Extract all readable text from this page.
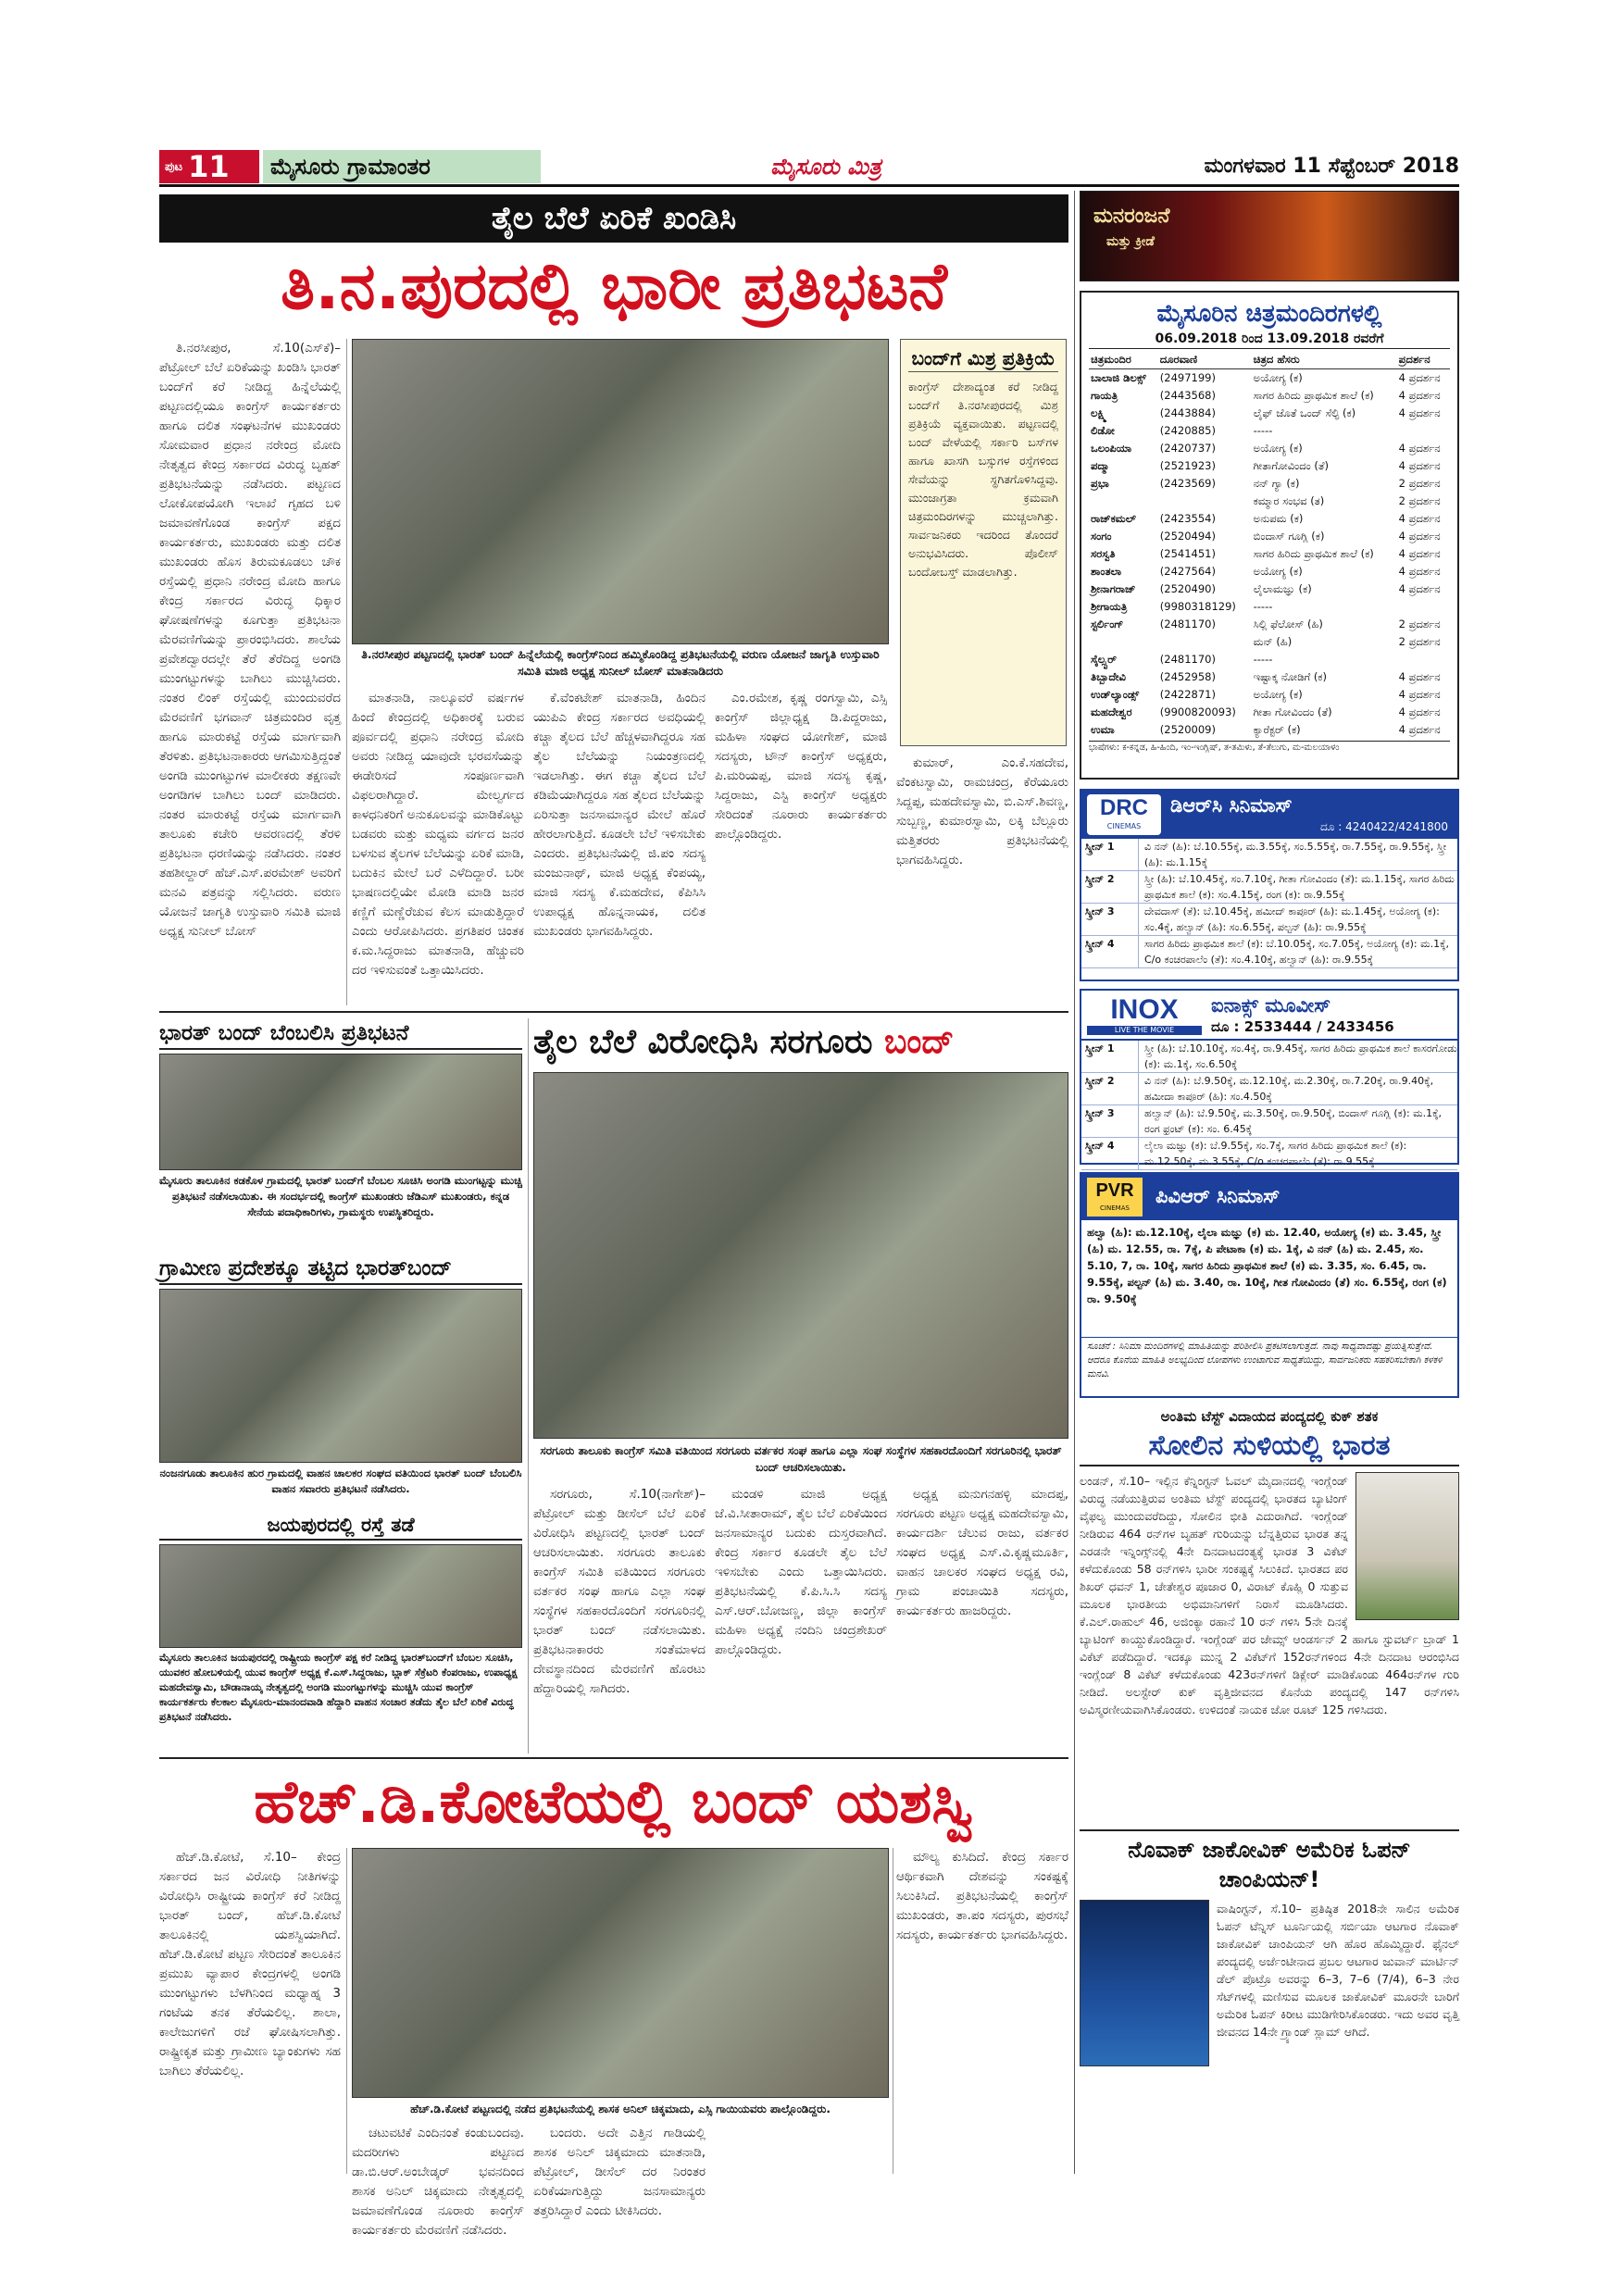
ಪುಟ 11	ಮೈಸೂರು ಗ್ರಾಮಾಂತರ	ಮೈಸೂರು ಮಿತ್ರ	ಮಂಗಳವಾರ 11 ಸೆಪ್ಟೆಂಬರ್ 2018
ತೈಲ ಬೆಲೆ ಏರಿಕೆ ಖಂಡಿಸಿ
ತಿ.ನ.ಪುರದಲ್ಲಿ ಭಾರೀ ಪ್ರತಿಭಟನೆ

ತಿ.ನರಸೀಪುರ, ಸೆ.10(ಎಸ್‌ಕೆ)– ಪೆಟ್ರೋಲ್ ಬೆಲೆ ಏರಿಕೆಯನ್ನು ಖಂಡಿಸಿ ಭಾರತ್ ಬಂದ್‌ಗೆ ಕರೆ ನೀಡಿದ್ದ ಹಿನ್ನೆಲೆಯಲ್ಲಿ ಪಟ್ಟಣದಲ್ಲಿಯೂ ಕಾಂಗ್ರೆಸ್ ಕಾರ್ಯಕರ್ತರು ಹಾಗೂ ದಲಿತ ಸಂಘಟನೆಗಳ ಮುಖಂಡರು ಸೋಮವಾರ ಪ್ರಧಾನ ನರೇಂದ್ರ ಮೋದಿ ನೇತೃತ್ವದ ಕೇಂದ್ರ ಸರ್ಕಾರದ ವಿರುದ್ಧ ಬೃಹತ್ ಪ್ರತಿಭಟನೆಯನ್ನು ನಡೆಸಿದರು. ಪಟ್ಟಣದ ಲೋಕೋಪಯೋಗಿ ಇಲಾಖೆ ಗೃಹದ ಬಳಿ ಜಮಾವಣೆಗೊಂಡ ಕಾಂಗ್ರೆಸ್ ಪಕ್ಷದ ಕಾರ್ಯಕರ್ತರು, ಮುಖಂಡರು ಮತ್ತು ದಲಿತ ಮುಖಂಡರು ಹೊಸ ತಿರುಮಕೂಡಲು ಚೌಕ ರಸ್ತೆಯಲ್ಲಿ ಪ್ರಧಾನಿ ನರೇಂದ್ರ ಮೋದಿ ಹಾಗೂ ಕೇಂದ್ರ ಸರ್ಕಾರದ ವಿರುದ್ಧ ಧಿಕ್ಕಾರ ಘೋಷಣೆಗಳನ್ನು ಕೂಗುತ್ತಾ ಪ್ರತಿಭಟನಾ ಮೆರವಣಿಗೆಯನ್ನು ಪ್ರಾರಂಭಿಸಿದರು. ಶಾಲೆಯ ಪ್ರವೇಶದ್ವಾರದಲ್ಲೇ ತೆರೆ ತೆರೆದಿದ್ದ ಅಂಗಡಿ ಮುಂಗಟ್ಟುಗಳನ್ನು ಬಾಗಿಲು ಮುಚ್ಚಿಸಿದರು. ನಂತರ ಲಿಂಕ್ ರಸ್ತೆಯಲ್ಲಿ ಮುಂದುವರೆದ ಮೆರವಣಿಗೆ ಭಗವಾನ್ ಚಿತ್ರಮಂದಿರ ವೃತ್ತ ಹಾಗೂ ಮಾರುಕಟ್ಟೆ ರಸ್ತೆಯ ಮಾರ್ಗವಾಗಿ ತೆರಳಿತು. ಪ್ರತಿಭಟನಾಕಾರರು ಆಗಮಿಸುತ್ತಿದ್ದಂತೆ ಅಂಗಡಿ ಮುಂಗಟ್ಟುಗಳ ಮಾಲೀಕರು ತಕ್ಷಣವೇ ಅಂಗಡಿಗಳ ಬಾಗಿಲು ಬಂದ್ ಮಾಡಿದರು. ನಂತರ ಮಾರುಕಟ್ಟೆ ರಸ್ತೆಯ ಮಾರ್ಗವಾಗಿ ತಾಲೂಕು ಕಚೇರಿ ಆವರಣದಲ್ಲಿ ತೆರಳಿ ಪ್ರತಿಭಟನಾ ಧರಣಿಯನ್ನು ನಡೆಸಿದರು. ನಂತರ ತಹಶೀಲ್ದಾರ್ ಹೆಚ್.ಎಸ್.ಪರಮೇಶ್ ಅವರಿಗೆ ಮನವಿ ಪತ್ರವನ್ನು ಸಲ್ಲಿಸಿದರು. ವರುಣ ಯೋಜನೆ ಜಾಗೃತಿ ಉಸ್ತುವಾರಿ ಸಮಿತಿ ಮಾಜಿ ಅಧ್ಯಕ್ಷ ಸುನೀಲ್ ಬೋಸ್

ತಿ.ನರಸೀಪುರ ಪಟ್ಟಣದಲ್ಲಿ ಭಾರತ್ ಬಂದ್ ಹಿನ್ನೆಲೆಯಲ್ಲಿ ಕಾಂಗ್ರೆಸ್‌ನಿಂದ ಹಮ್ಮಿಕೊಂಡಿದ್ದ ಪ್ರತಿಭಟನೆಯಲ್ಲಿ ವರುಣ ಯೋಜನೆ ಜಾಗೃತಿ ಉಸ್ತುವಾರಿ ಸಮಿತಿ ಮಾಜಿ ಅಧ್ಯಕ್ಷ ಸುನೀಲ್ ಬೋಸ್ ಮಾತನಾಡಿದರು
ಬಂದ್‌ಗೆ ಮಿಶ್ರ ಪ್ರತಿಕ್ರಿಯೆ
ಕಾಂಗ್ರೆಸ್ ದೇಶಾದ್ಯಂತ ಕರೆ ನೀಡಿದ್ದ ಬಂದ್‌ಗೆ ತಿ.ನರಸೀಪುರದಲ್ಲಿ ಮಿಶ್ರ ಪ್ರತಿಕ್ರಿಯೆ ವ್ಯಕ್ತವಾಯಿತು. ಪಟ್ಟಣದಲ್ಲಿ ಬಂದ್ ವೇಳೆಯಲ್ಲಿ ಸರ್ಕಾರಿ ಬಸ್‌ಗಳ ಹಾಗೂ ಖಾಸಗಿ ಬಸ್ಸುಗಳ ರಸ್ತೆಗಳಿಂದ ಸೇವೆಯನ್ನು ಸ್ಥಗಿತಗೊಳಿಸಿದ್ದವು. ಮುಂಜಾಗ್ರತಾ ಕ್ರಮವಾಗಿ ಚಿತ್ರಮಂದಿರಗಳನ್ನು ಮುಚ್ಚಲಾಗಿತ್ತು. ಸಾರ್ವಜನಿಕರು ಇದರಿಂದ ತೊಂದರೆ ಅನುಭವಿಸಿದರು. ಪೊಲೀಸ್ ಬಂದೋಬಸ್ತ್ ಮಾಡಲಾಗಿತ್ತು.

ಮಾತನಾಡಿ, ನಾಲ್ಕೂವರೆ ವರ್ಷಗಳ ಹಿಂದೆ ಕೇಂದ್ರದಲ್ಲಿ ಅಧಿಕಾರಕ್ಕೆ ಬರುವ ಪೂರ್ವದಲ್ಲಿ ಪ್ರಧಾನಿ ನರೇಂದ್ರ ಮೋದಿ ಅವರು ನೀಡಿದ್ದ ಯಾವುದೇ ಭರವಸೆಯನ್ನು ಈಡೇರಿಸದೆ ಸಂಪೂರ್ಣವಾಗಿ ವಿಫಲರಾಗಿದ್ದಾರೆ. ಮೇಲ್ವರ್ಗದ ಕಾಳಧನಿಕರಿಗೆ ಅನುಕೂಲವನ್ನು ಮಾಡಿಕೊಟ್ಟು ಬಡವರು ಮತ್ತು ಮಧ್ಯಮ ವರ್ಗದ ಜನರ ಬಳಸುವ ತೈಲಗಳ ಬೆಲೆಯನ್ನು ಏರಿಕೆ ಮಾಡಿ, ಬದುಕಿನ ಮೇಲೆ ಬರೆ ಎಳೆದಿದ್ದಾರೆ. ಬರೀ ಭಾಷಣದಲ್ಲಿಯೇ ಮೋಡಿ ಮಾಡಿ ಜನರ ಕಣ್ಣಿಗೆ ಮಣ್ಣೆರೆಚುವ ಕೆಲಸ ಮಾಡುತ್ತಿದ್ದಾರೆ ಎಂದು ಆರೋಪಿಸಿದರು. ಪ್ರಗತಿಪರ ಚಿಂತಕ ಕ.ಮ.ಸಿದ್ದರಾಜು ಮಾತನಾಡಿ, ಹೆಚ್ಚುವರಿ ದರ ಇಳಿಸುವಂತೆ ಒತ್ತಾಯಿಸಿದರು.

ಕೆ.ವೆಂಕಟೇಶ್ ಮಾತನಾಡಿ, ಹಿಂದಿನ ಯುಪಿಎ ಕೇಂದ್ರ ಸರ್ಕಾರದ ಅವಧಿಯಲ್ಲಿ ಕಚ್ಚಾ ತೈಲದ ಬೆಲೆ ಹೆಚ್ಚಳವಾಗಿದ್ದರೂ ಸಹ ತೈಲ ಬೆಲೆಯನ್ನು ನಿಯಂತ್ರಣದಲ್ಲಿ ಇಡಲಾಗಿತ್ತು. ಈಗ ಕಚ್ಚಾ ತೈಲದ ಬೆಲೆ ಕಡಿಮೆಯಾಗಿದ್ದರೂ ಸಹ ತೈಲದ ಬೆಲೆಯನ್ನು ಏರಿಸುತ್ತಾ ಜನಸಾಮಾನ್ಯರ ಮೇಲೆ ಹೊರೆ ಹೇರಲಾಗುತ್ತಿದೆ. ಕೂಡಲೇ ಬೆಲೆ ಇಳಿಸಬೇಕು ಎಂದರು. ಪ್ರತಿಭಟನೆಯಲ್ಲಿ ಜಿ.ಪಂ ಸದಸ್ಯ ಮಂಜುನಾಥ್, ಮಾಜಿ ಅಧ್ಯಕ್ಷ ಕೆಂಪಯ್ಯ, ಮಾಜಿ ಸದಸ್ಯ ಕೆ.ಮಹದೇವ, ಕೆಪಿಸಿಸಿ ಉಪಾಧ್ಯಕ್ಷ ಹೊನ್ನನಾಯಕ, ದಲಿತ ಮುಖಂಡರು ಭಾಗವಹಿಸಿದ್ದರು.

ಎಂ.ರಮೇಶ, ಕೃಷ್ಣ ರಂಗಸ್ವಾಮಿ, ಎಸ್ಸಿ ಕಾಂಗ್ರೆಸ್ ಜಿಲ್ಲಾಧ್ಯಕ್ಷ ಡಿ.ಪಿದ್ದರಾಜು, ಮಹಿಳಾ ಸಂಘದ ಯೋಗೇಶ್, ಮಾಜಿ ಸದಸ್ಯರು, ಟೌನ್ ಕಾಂಗ್ರೆಸ್ ಅಧ್ಯಕ್ಷರು, ಪಿ.ಮರಿಯಪ್ಪ, ಮಾಜಿ ಸದಸ್ಯ ಕೃಷ್ಣ, ಸಿದ್ದರಾಜು, ಎಸ್ಟಿ ಕಾಂಗ್ರೆಸ್ ಅಧ್ಯಕ್ಷರು ಸೇರಿದಂತೆ ನೂರಾರು ಕಾರ್ಯಕರ್ತರು ಪಾಲ್ಗೊಂಡಿದ್ದರು.

ಕುಮಾರ್, ಎಂ.ಕೆ.ಸಹದೇವ, ವೆಂಕಟಸ್ವಾಮಿ, ರಾಮಚಂದ್ರ, ಕೆರೆಯೂರು ಸಿದ್ದಪ್ಪ, ಮಹದೇವಸ್ವಾಮಿ, ಬಿ.ಎಸ್.ಶಿವಣ್ಣ, ಸುಬ್ಬಣ್ಣ, ಕುಮಾರಸ್ವಾಮಿ, ಲಕ್ಕಿ ಬೆಲ್ಲೂರು ಮತ್ತಿತರರು ಪ್ರತಿಭಟನೆಯಲ್ಲಿ ಭಾಗವಹಿಸಿದ್ದರು.

ಭಾರತ್ ಬಂದ್ ಬೆಂಬಲಿಸಿ ಪ್ರತಿಭಟನೆ
ಮೈಸೂರು ತಾಲೂಕಿನ ಕಡಕೊಳ ಗ್ರಾಮದಲ್ಲಿ ಭಾರತ್ ಬಂದ್‌ಗೆ ಬೆಂಬಲ ಸೂಚಿಸಿ ಅಂಗಡಿ ಮುಂಗಟ್ಟನ್ನು ಮುಚ್ಚಿ ಪ್ರತಿಭಟನೆ ನಡೆಸಲಾಯಿತು. ಈ ಸಂದರ್ಭದಲ್ಲಿ ಕಾಂಗ್ರೆಸ್ ಮುಖಂಡರು ಜೆಡಿಎಸ್ ಮುಖಂಡರು, ಕನ್ನಡ ಸೇನೆಯ ಪದಾಧಿಕಾರಿಗಳು, ಗ್ರಾಮಸ್ಥರು ಉಪಸ್ಥಿತರಿದ್ದರು.
ಗ್ರಾಮೀಣ ಪ್ರದೇಶಕ್ಕೂ ತಟ್ಟಿದ ಭಾರತ್‌ಬಂದ್
ನಂಜನಗೂಡು ತಾಲೂಕಿನ ಹುರ ಗ್ರಾಮದಲ್ಲಿ ವಾಹನ ಚಾಲಕರ ಸಂಘದ ವತಿಯಿಂದ ಭಾರತ್ ಬಂದ್ ಬೆಂಬಲಿಸಿ ವಾಹನ ಸವಾರರು ಪ್ರತಿಭಟನೆ ನಡೆಸಿದರು.
ಜಯಪುರದಲ್ಲಿ ರಸ್ತೆ ತಡೆ
ಮೈಸೂರು ತಾಲೂಕಿನ ಜಯಪುರದಲ್ಲಿ ರಾಷ್ಟ್ರೀಯ ಕಾಂಗ್ರೆಸ್ ಪಕ್ಷ ಕರೆ ನೀಡಿದ್ದ ಭಾರತ್‌ಬಂದ್‌ಗೆ ಬೆಂಬಲ ಸೂಚಿಸಿ, ಯುವಕರ ಹೋಬಳಿಯಲ್ಲಿ ಯುವ ಕಾಂಗ್ರೆಸ್ ಅಧ್ಯಕ್ಷ ಕೆ.ಎಸ್.ಸಿದ್ದರಾಜು, ಬ್ಲಾಕ್ ಸೆಕ್ರೆಟರಿ ಕೆಂಪರಾಜು, ಉಪಾಧ್ಯಕ್ಷ ಮಹದೇವಸ್ವಾಮಿ, ಬೌಡಾನಾಯ್ಕ ನೇತೃತ್ವದಲ್ಲಿ ಅಂಗಡಿ ಮುಂಗಟ್ಟುಗಳನ್ನು ಮುಚ್ಚಿಸಿ ಯುವ ಕಾಂಗ್ರೆಸ್ ಕಾರ್ಯಕರ್ತರು ಕೆಲಕಾಲ ಮೈಸೂರು-ಮಾನಂದವಾಡಿ ಹೆದ್ದಾರಿ ವಾಹನ ಸಂಚಾರ ತಡೆದು ತೈಲ ಬೆಲೆ ಏರಿಕೆ ವಿರುದ್ಧ ಪ್ರತಿಭಟನೆ ನಡೆಸಿದರು.
ತೈಲ ಬೆಲೆ ವಿರೋಧಿಸಿ ಸರಗೂರು ಬಂದ್
ಸರಗೂರು ತಾಲೂಕು ಕಾಂಗ್ರೆಸ್ ಸಮಿತಿ ವತಿಯಿಂದ ಸರಗೂರು ವರ್ತಕರ ಸಂಘ ಹಾಗೂ ಎಲ್ಲಾ ಸಂಘ ಸಂಸ್ಥೆಗಳ ಸಹಕಾರದೊಂದಿಗೆ ಸರಗೂರಿನಲ್ಲಿ ಭಾರತ್ ಬಂದ್ ಆಚರಿಸಲಾಯಿತು.

ಸರಗೂರು, ಸೆ.10(ನಾಗೇಶ್)– ಪೆಟ್ರೋಲ್ ಮತ್ತು ಡೀಸೆಲ್ ಬೆಲೆ ಏರಿಕೆ ವಿರೋಧಿಸಿ ಪಟ್ಟಣದಲ್ಲಿ ಭಾರತ್ ಬಂದ್ ಆಚರಿಸಲಾಯಿತು. ಸರಗೂರು ತಾಲೂಕು ಕಾಂಗ್ರೆಸ್ ಸಮಿತಿ ವತಿಯಿಂದ ಸರಗೂರು ವರ್ತಕರ ಸಂಘ ಹಾಗೂ ಎಲ್ಲಾ ಸಂಘ ಸಂಸ್ಥೆಗಳ ಸಹಕಾರದೊಂದಿಗೆ ಸರಗೂರಿನಲ್ಲಿ ಭಾರತ್ ಬಂದ್ ನಡೆಸಲಾಯಿತು. ಪ್ರತಿಭಟನಾಕಾರರು ಸಂತೆಮಾಳದ ದೇವಸ್ಥಾನದಿಂದ ಮೆರವಣಿಗೆ ಹೊರಟು ಹೆದ್ದಾರಿಯಲ್ಲಿ ಸಾಗಿದರು.

ಮಂಡಳಿ ಮಾಜಿ ಅಧ್ಯಕ್ಷ ಜೆ.ವಿ.ಸೀತಾರಾಮ್, ತೈಲ ಬೆಲೆ ಏರಿಕೆಯಿಂದ ಜನಸಾಮಾನ್ಯರ ಬದುಕು ದುಸ್ತರವಾಗಿದೆ. ಕೇಂದ್ರ ಸರ್ಕಾರ ಕೂಡಲೇ ತೈಲ ಬೆಲೆ ಇಳಿಸಬೇಕು ಎಂದು ಒತ್ತಾಯಿಸಿದರು. ಪ್ರತಿಭಟನೆಯಲ್ಲಿ ಕೆ.ಪಿ.ಸಿ.ಸಿ ಸದಸ್ಯ ಎಸ್.ಆರ್.ಬೋಜಣ್ಣ, ಜಿಲ್ಲಾ ಕಾಂಗ್ರೆಸ್ ಮಹಿಳಾ ಅಧ್ಯಕ್ಷೆ ನಂದಿನಿ ಚಂದ್ರಶೇಖರ್ ಪಾಲ್ಗೊಂಡಿದ್ದರು.

ಅಧ್ಯಕ್ಷ ಮನುಗನಹಳ್ಳಿ ಮಾದಪ್ಪ, ಸರಗೂರು ಪಟ್ಟಣ ಅಧ್ಯಕ್ಷ ಮಹದೇವಸ್ವಾಮಿ, ಕಾರ್ಯದರ್ಶಿ ಚೆಲುವ ರಾಜು, ವರ್ತಕರ ಸಂಘದ ಅಧ್ಯಕ್ಷ ಎಸ್.ವಿ.ಕೃಷ್ಣಮೂರ್ತಿ, ವಾಹನ ಚಾಲಕರ ಸಂಘದ ಅಧ್ಯಕ್ಷ ರವಿ, ಗ್ರಾಮ ಪಂಚಾಯಿತಿ ಸದಸ್ಯರು, ಕಾರ್ಯಕರ್ತರು ಹಾಜರಿದ್ದರು.

ಹೆಚ್.ಡಿ.ಕೋಟೆಯಲ್ಲಿ ಬಂದ್ ಯಶಸ್ವಿ

ಹೆಚ್.ಡಿ.ಕೋಟೆ, ಸೆ.10– ಕೇಂದ್ರ ಸರ್ಕಾರದ ಜನ ವಿರೋಧಿ ನೀತಿಗಳನ್ನು ವಿರೋಧಿಸಿ ರಾಷ್ಟ್ರೀಯ ಕಾಂಗ್ರೆಸ್ ಕರೆ ನೀಡಿದ್ದ ಭಾರತ್ ಬಂದ್, ಹೆಚ್.ಡಿ.ಕೋಟೆ ತಾಲೂಕಿನಲ್ಲಿ ಯಶಸ್ವಿಯಾಗಿದೆ. ಹೆಚ್.ಡಿ.ಕೋಟೆ ಪಟ್ಟಣ ಸೇರಿದಂತೆ ತಾಲೂಕಿನ ಪ್ರಮುಖ ವ್ಯಾಪಾರ ಕೇಂದ್ರಗಳಲ್ಲಿ ಅಂಗಡಿ ಮುಂಗಟ್ಟುಗಳು ಬೆಳಗಿನಿಂದ ಮಧ್ಯಾಹ್ನ 3 ಗಂಟೆಯ ತನಕ ತೆರೆಯಲಿಲ್ಲ. ಶಾಲಾ, ಕಾಲೇಜುಗಳಿಗೆ ರಜೆ ಘೋಷಿಸಲಾಗಿತ್ತು. ರಾಷ್ಟ್ರೀಕೃತ ಮತ್ತು ಗ್ರಾಮೀಣ ಬ್ಯಾಂಕುಗಳು ಸಹ ಬಾಗಿಲು ತೆರೆಯಲಿಲ್ಲ.

ಹೆಚ್.ಡಿ.ಕೋಟೆ ಪಟ್ಟಣದಲ್ಲಿ ನಡೆದ ಪ್ರತಿಭಟನೆಯಲ್ಲಿ ಶಾಸಕ ಅನಿಲ್ ಚಿಕ್ಕಮಾದು, ಎಸ್ಸಿ ಗಾಯಿಯವರು ಪಾಲ್ಗೊಂಡಿದ್ದರು.

ಚಟುವಟಿಕೆ ಎಂದಿನಂತೆ ಕಂಡುಬಂದವು. ಮದರೀಗಳು ಪಟ್ಟಣದ ಡಾ.ಬಿ.ಆರ್.ಅಂಬೇಡ್ಕರ್ ಭವನದಿಂದ ಶಾಸಕ ಅನಿಲ್ ಚಿಕ್ಕಮಾದು ನೇತೃತ್ವದಲ್ಲಿ ಜಮಾವಣೆಗೊಂಡ ನೂರಾರು ಕಾಂಗ್ರೆಸ್ ಕಾರ್ಯಕರ್ತರು ಮೆರವಣಿಗೆ ನಡೆಸಿದರು.

ಬಂದರು. ಅದೇ ಎತ್ತಿನ ಗಾಡಿಯಲ್ಲಿ ಶಾಸಕ ಅನಿಲ್ ಚಿಕ್ಕಮಾದು ಮಾತನಾಡಿ, ಪೆಟ್ರೋಲ್, ಡೀಸೆಲ್ ದರ ನಿರಂತರ ಏರಿಕೆಯಾಗುತ್ತಿದ್ದು ಜನಸಾಮಾನ್ಯರು ತತ್ತರಿಸಿದ್ದಾರೆ ಎಂದು ಟೀಕಿಸಿದರು.

ಮೌಲ್ಯ ಕುಸಿದಿದೆ. ಕೇಂದ್ರ ಸರ್ಕಾರ ಆರ್ಥಿಕವಾಗಿ ದೇಶವನ್ನು ಸಂಕಷ್ಟಕ್ಕೆ ಸಿಲುಕಿಸಿದೆ. ಪ್ರತಿಭಟನೆಯಲ್ಲಿ ಕಾಂಗ್ರೆಸ್ ಮುಖಂಡರು, ತಾ.ಪಂ ಸದಸ್ಯರು, ಪುರಸಭೆ ಸದಸ್ಯರು, ಕಾರ್ಯಕರ್ತರು ಭಾಗವಹಿಸಿದ್ದರು.

ಮನರಂಜನೆ
ಮತ್ತು ಕ್ರೀಡೆ
ಮೈಸೂರಿನ ಚಿತ್ರಮಂದಿರಗಳಲ್ಲಿ
06.09.2018 ರಿಂದ 13.09.2018 ರವರೆಗೆ
ಚಿತ್ರಮಂದಿರ	ದೂರವಾಣಿ	ಚಿತ್ರದ ಹೆಸರು	ಪ್ರದರ್ಶನ
ಬಾಲಾಜಿ ಡಿಲಕ್ಸ್	(2497199)	ಅಯೋಗ್ಯ (ಕ)	4 ಪ್ರದರ್ಶನ
ಗಾಯತ್ರಿ	(2443568)	ಸಾಗರ ಹಿರಿದು ಪ್ರಾಥಮಿಕ ಶಾಲೆ (ಕ)	4 ಪ್ರದರ್ಶನ
ಲಕ್ಷ್ಮಿ	(2443884)	ಲೈಫ್ ಜೊತೆ ಒಂದ್ ಸೆಲ್ಫಿ (ಕ)	4 ಪ್ರದರ್ಶನ
ಲಿಡೋ	(2420885)	-----	
ಒಲಂಪಿಯಾ	(2420737)	ಅಯೋಗ್ಯ (ಕ)	4 ಪ್ರದರ್ಶನ
ಪದ್ಮಾ	(2521923)	ಗೀತಾಗೋವಿಂದಂ (ತೆ)	4 ಪ್ರದರ್ಶನ
ಪ್ರಭಾ	(2423569)	ನನ್ ಗ್ಯಾ (ಕ)	2 ಪ್ರದರ್ಶನ
		ಕಮ್ಮಾರ ಸಂಭವ (ತ)	2 ಪ್ರದರ್ಶನ
ರಾಜ್‌ಕಮಲ್	(2423554)	ಅನುಪಮ (ಕ)	4 ಪ್ರದರ್ಶನ
ಸಂಗಂ	(2520494)	ಬಿಂದಾಸ್ ಗೂಗ್ಲಿ (ಕ)	4 ಪ್ರದರ್ಶನ
ಸರಸ್ವತಿ	(2541451)	ಸಾಗರ ಹಿರಿದು ಪ್ರಾಥಮಿಕ ಶಾಲೆ (ಕ)	4 ಪ್ರದರ್ಶನ
ಶಾಂತಲಾ	(2427564)	ಅಯೋಗ್ಯ (ಕ)	4 ಪ್ರದರ್ಶನ
ಶ್ರೀನಾಗರಾಜ್	(2520490)	ಲೈಲಾಮಜ್ಞು (ಕ)	4 ಪ್ರದರ್ಶನ
ಶ್ರೀಗಾಯತ್ರಿ	(9980318129)	-----	
ಸ್ಟರ್ಲಿಂಗ್	(2481170)	ಸಿಲ್ಲಿ ಫೆಲೋಸ್ (ಹಿ)	2 ಪ್ರದರ್ಶನ
		ಮನ್ (ಹಿ)	2 ಪ್ರದರ್ಶನ
ಸೈಲ್ಸ್ಟರ್	(2481170)	-----	
ತಿಬ್ಬಾದೇವಿ	(2452958)	ಇಷ್ಟಾಕ್ಕ ನೋಡಿಗೆ (ಕ)	4 ಪ್ರದರ್ಶನ
ಉಡ್‌ಲ್ಯಾಂಡ್ಸ್	(2422871)	ಅಯೋಗ್ಯ (ಕ)	4 ಪ್ರದರ್ಶನ
ಮಹದೇಶ್ವರ	(9900820093)	ಗೀತಾ ಗೋವಿಂದಂ (ತೆ)	4 ಪ್ರದರ್ಶನ
ಉಮಾ	(2520009)	ಕ್ಯಾರೆಕ್ಟರ್ (ಕ)	4 ಪ್ರದರ್ಶನ
ಭಾಷೆಗಳು: ಕ-ಕನ್ನಡ, ಹಿ-ಹಿಂದಿ, ಇಂ-ಇಂಗ್ಲಿಷ್, ತ-ತಮಿಳು, ತೆ-ತೆಲುಗು, ಮ-ಮಲಯಾಳಂ
DRC
CINEMAS
ಡಿಆರ್‌ಸಿ ಸಿನಿಮಾಸ್
ದೂ : 4240422/4241800
ಸ್ಕ್ರೀನ್ 1	ವಿ ನನ್ (ಹಿ): ಬೆ.10.55ಕ್ಕೆ, ಮ.3.55ಕ್ಕೆ, ಸಂ.5.55ಕ್ಕೆ, ರಾ.7.55ಕ್ಕೆ, ರಾ.9.55ಕ್ಕೆ, ಸ್ತ್ರೀ (ಹಿ): ಮ.1.15ಕ್ಕೆ
ಸ್ಕ್ರೀನ್ 2	ಸ್ತ್ರೀ (ಹಿ): ಬೆ.10.45ಕ್ಕೆ, ಸಂ.7.10ಕ್ಕೆ, ಗೀತಾ ಗೋವಿಂದಂ (ತೆ): ಮ.1.15ಕ್ಕೆ, ಸಾಗರ ಹಿರಿದು ಪ್ರಾಥಮಿಕ ಶಾಲೆ (ಕ): ಸಂ.4.15ಕ್ಕೆ, ರಂಗ (ಕ): ರಾ.9.55ಕ್ಕೆ
ಸ್ಕ್ರೀನ್ 3	ದೇವದಾಸ್ (ತೆ): ಬೆ.10.45ಕ್ಕೆ, ಹಮೀದ್ ಕಾಪೂರ್ (ಹಿ): ಮ.1.45ಕ್ಕೆ, ಅಯೋಗ್ಯ (ಕ): ಸಂ.4ಕ್ಕೆ, ಹಲ್ವಾನ್ (ಹಿ): ಸಂ.6.55ಕ್ಕೆ, ಪಲ್ಟನ್ (ಹಿ): ರಾ.9.55ಕ್ಕೆ
ಸ್ಕ್ರೀನ್ 4	ಸಾಗರ ಹಿರಿದು ಪ್ರಾಥಮಿಕ ಶಾಲೆ (ಕ): ಬೆ.10.05ಕ್ಕೆ, ಸಂ.7.05ಕ್ಕೆ, ಅಯೋಗ್ಯ (ಕ): ಮ.1ಕ್ಕೆ, C/o ಕಂಚರಪಾಲೆಂ (ತೆ): ಸಂ.4.10ಕ್ಕೆ, ಹಲ್ವಾನ್ (ಹಿ): ರಾ.9.55ಕ್ಕೆ
INOX
LIVE THE MOVIE
ಐನಾಕ್ಸ್ ಮೂವೀಸ್
ದೂ : 2533444 / 2433456
ಸ್ಕ್ರೀನ್ 1	ಸ್ತ್ರೀ (ಹಿ): ಬೆ.10.10ಕ್ಕೆ, ಸಂ.4ಕ್ಕೆ, ರಾ.9.45ಕ್ಕೆ, ಸಾಗರ ಹಿರಿದು ಪ್ರಾಥಮಿಕ ಶಾಲೆ ಕಾಸರಗೋಡು (ಕ): ಮ.1ಕ್ಕೆ, ಸಂ.6.50ಕ್ಕೆ
ಸ್ಕ್ರೀನ್ 2	ವಿ ನನ್ (ಹಿ): ಬೆ.9.50ಕ್ಕೆ, ಮ.12.10ಕ್ಕೆ, ಮ.2.30ಕ್ಕೆ, ರಾ.7.20ಕ್ಕೆ, ರಾ.9.40ಕ್ಕೆ, ಹಮೀದಾ ಕಾಪೂರ್ (ಹಿ): ಸಂ.4.50ಕ್ಕೆ
ಸ್ಕ್ರೀನ್ 3	ಹಲ್ವಾನ್ (ಹಿ): ಬೆ.9.50ಕ್ಕೆ, ಮ.3.50ಕ್ಕೆ, ರಾ.9.50ಕ್ಕೆ, ಬಿಂದಾಸ್ ಗೂಗ್ಲಿ (ಕ): ಮ.1ಕ್ಕೆ, ರಂಗ ಫ್ರಂಟ್ (ಕ): ಸಂ. 6.45ಕ್ಕೆ
ಸ್ಕ್ರೀನ್ 4	ಲೈಲಾ ಮಜ್ಞು (ಕ): ಬೆ.9.55ಕ್ಕೆ, ಸಂ.7ಕ್ಕೆ, ಸಾಗರ ಹಿರಿದು ಪ್ರಾಥಮಿಕ ಶಾಲೆ (ಕ): ಮ.12.50ಕ್ಕೆ, ಮ.3.55ಕ್ಕೆ, C/o ಕಂಚರಪಾಲೆಂ (ತೆ): ರಾ.9.55ಕ್ಕೆ
PVR
CINEMAS
ಪಿವಿಆರ್ ಸಿನಿಮಾಸ್
ಹಲ್ವಾ (ಹಿ): ಮ.12.10ಕ್ಕೆ, ಲೈಲಾ ಮಜ್ಞು (ಕ) ಮ. 12.40, ಅಯೋಗ್ಯ (ಕ) ಮ. 3.45, ಸ್ತ್ರೀ (ಹಿ) ಮ. 12.55, ರಾ. 7ಕ್ಕೆ, ಪಿ ಪೇಟಾಕಾ (ಕ) ಮ. 1ಕ್ಕೆ, ವಿ ನನ್ (ಹಿ) ಮ. 2.45, ಸಂ. 5.10, 7, ರಾ. 10ಕ್ಕೆ, ಸಾಗರ ಹಿರಿದು ಪ್ರಾಥಮಿಕ ಶಾಲೆ (ಕ) ಮ. 3.35, ಸಂ. 6.45, ರಾ. 9.55ಕ್ಕೆ, ಪಲ್ಟನ್ (ಹಿ) ಮ. 3.40, ರಾ. 10ಕ್ಕೆ, ಗೀತ ಗೋವಿಂದಂ (ತೆ) ಸಂ. 6.55ಕ್ಕೆ, ರಂಗ (ಕ) ರಾ. 9.50ಕ್ಕೆ
ಸೂಚನೆ : ಸಿನಿಮಾ ಮಂದಿರಗಳಲ್ಲಿ ಮಾಹಿತಿಯನ್ನು ಪರಿಶೀಲಿಸಿ ಪ್ರಕಟಿಸಲಾಗುತ್ತದೆ. ನಾವು ಸಾಧ್ಯವಾದಷ್ಟು ಪ್ರಯತ್ನಿಸುತ್ತೇವೆ. ಆದರೂ ಕೊನೆಯ ಮಾಹಿತಿ ಅಲಭ್ಯದಿಂದ ಲೋಪಗಳು ಉಂಟಾಗುವ ಸಾಧ್ಯತೆಯಿದ್ದು, ಸಾರ್ವಜನಿಕರು ಸಹಕರಿಸಬೇಕಾಗಿ ಕಳಕಳಿ ಮನವಿ.
ಅಂತಿಮ ಟೆಸ್ಟ್ ವಿದಾಯದ ಪಂದ್ಯದಲ್ಲಿ ಕುಕ್ ಶತಕ
ಸೋಲಿನ ಸುಳಿಯಲ್ಲಿ ಭಾರತ
ಲಂಡನ್, ಸೆ.10– ಇಲ್ಲಿನ ಕೆನ್ನಿಂಗ್ಟನ್ ಓವಲ್ ಮೈದಾನದಲ್ಲಿ ಇಂಗ್ಲೆಂಡ್ ವಿರುದ್ಧ ನಡೆಯುತ್ತಿರುವ ಅಂತಿಮ ಟೆಸ್ಟ್ ಪಂದ್ಯದಲ್ಲಿ ಭಾರತದ ಬ್ಯಾಟಿಂಗ್ ವೈಫಲ್ಯ ಮುಂದುವರೆದಿದ್ದು, ಸೋಲಿನ ಭೀತಿ ಎದುರಾಗಿದೆ. ಇಂಗ್ಲೆಂಡ್ ನೀಡಿರುವ 464 ರನ್‌ಗಳ ಬೃಹತ್ ಗುರಿಯನ್ನು ಬೆನ್ನತ್ತಿರುವ ಭಾರತ ತನ್ನ ಎರಡನೇ ಇನ್ನಿಂಗ್ಸ್‌ನಲ್ಲಿ 4ನೇ ದಿನದಾಟದಂತ್ಯಕ್ಕೆ ಭಾರತ 3 ವಿಕೆಟ್ ಕಳೆದುಕೊಂಡು 58 ರನ್‌ಗಳಿಸಿ ಭಾರೀ ಸಂಕಷ್ಟಕ್ಕೆ ಸಿಲುಕಿದೆ. ಭಾರತದ ಪರ ಶಿಖರ್ ಧವನ್ 1, ಚೇತೇಶ್ವರ ಪೂಜಾರ 0, ವಿರಾಟ್ ಕೊಹ್ಲಿ 0 ಸುತ್ತುವ ಮೂಲಕ ಭಾರತೀಯ ಅಭಿಮಾನಿಗಳಿಗೆ ನಿರಾಸೆ ಮೂಡಿಸಿದರು. ಕೆ.ಎಲ್.ರಾಹುಲ್ 46, ಅಜಿಂಕ್ಯಾ ರಹಾನೆ 10 ರನ್ ಗಳಿಸಿ 5ನೇ ದಿನಕ್ಕೆ ಬ್ಯಾಟಿಂಗ್ ಕಾಯ್ದುಕೊಂಡಿದ್ದಾರೆ. ಇಂಗ್ಲೆಂಡ್ ಪರ ಜೇಮ್ಸ್ ಆಂಡರ್ಸನ್ 2 ಹಾಗೂ ಸ್ಟುವರ್ಟ್ ಬ್ರಾಡ್ 1 ವಿಕೆಟ್ ಪಡೆದಿದ್ದಾರೆ. ಇದಕ್ಕೂ ಮುನ್ನ 2 ವಿಕೆಟ್‌ಗೆ 152ರನ್‌ಗಳಿಂದ 4ನೇ ದಿನದಾಟ ಆರಂಭಿಸಿದ ಇಂಗ್ಲೆಂಡ್ 8 ವಿಕೆಟ್ ಕಳೆದುಕೊಂಡು 423ರನ್‌ಗಳಿಗೆ ಡಿಕ್ಲೇರ್ ಮಾಡಿಕೊಂಡು 464ರನ್‌ಗಳ ಗುರಿ ನೀಡಿದೆ. ಅಲಸ್ಟೇರ್ ಕುಕ್ ವೃತ್ತಿಜೀವನದ ಕೊನೆಯ ಪಂದ್ಯದಲ್ಲಿ 147 ರನ್‌ಗಳಿಸಿ ಅವಿಸ್ಮರಣೀಯವಾಗಿಸಿಕೊಂಡರು. ಉಳಿದಂತೆ ನಾಯಕ ಜೋ ರೂಟ್ 125 ಗಳಿಸಿದರು.
ನೊವಾಕ್ ಜಾಕೋವಿಕ್ ಅಮೆರಿಕ ಓಪನ್ ಚಾಂಪಿಯನ್!
ವಾಷಿಂಗ್ಟನ್, ಸೆ.10– ಪ್ರತಿಷ್ಠಿತ 2018ನೇ ಸಾಲಿನ ಅಮೆರಿಕ ಓಪನ್ ಟೆನ್ನಿಸ್ ಟೂರ್ನಿಯಲ್ಲಿ ಸರ್ಬಿಯಾ ಆಟಗಾರ ನೊವಾಕ್ ಜಾಕೋವಿಕ್ ಚಾಂಪಿಯನ್ ಆಗಿ ಹೊರ ಹೊಮ್ಮಿದ್ದಾರೆ. ಫೈನಲ್ ಪಂದ್ಯದಲ್ಲಿ ಅರ್ಜೆಂಟೀನಾದ ಪ್ರಬಲ ಆಟಗಾರ ಜುವಾನ್ ಮಾರ್ಟಿನ್ ಡೆಲ್ ಪೊಟ್ರೊ ಅವರನ್ನು 6–3, 7–6 (7/4), 6–3 ನೇರ ಸೆಟ್‌ಗಳಲ್ಲಿ ಮಣಿಸುವ ಮೂಲಕ ಜಾಕೋವಿಕ್ ಮೂರನೇ ಬಾರಿಗೆ ಅಮೆರಿಕ ಓಪನ್ ಕಿರೀಟ ಮುಡಿಗೇರಿಸಿಕೊಂಡರು. ಇದು ಅವರ ವೃತ್ತಿ ಜೀವನದ 14ನೇ ಗ್ರ್ಯಾಂಡ್ ಸ್ಲಾಮ್ ಆಗಿದೆ.
